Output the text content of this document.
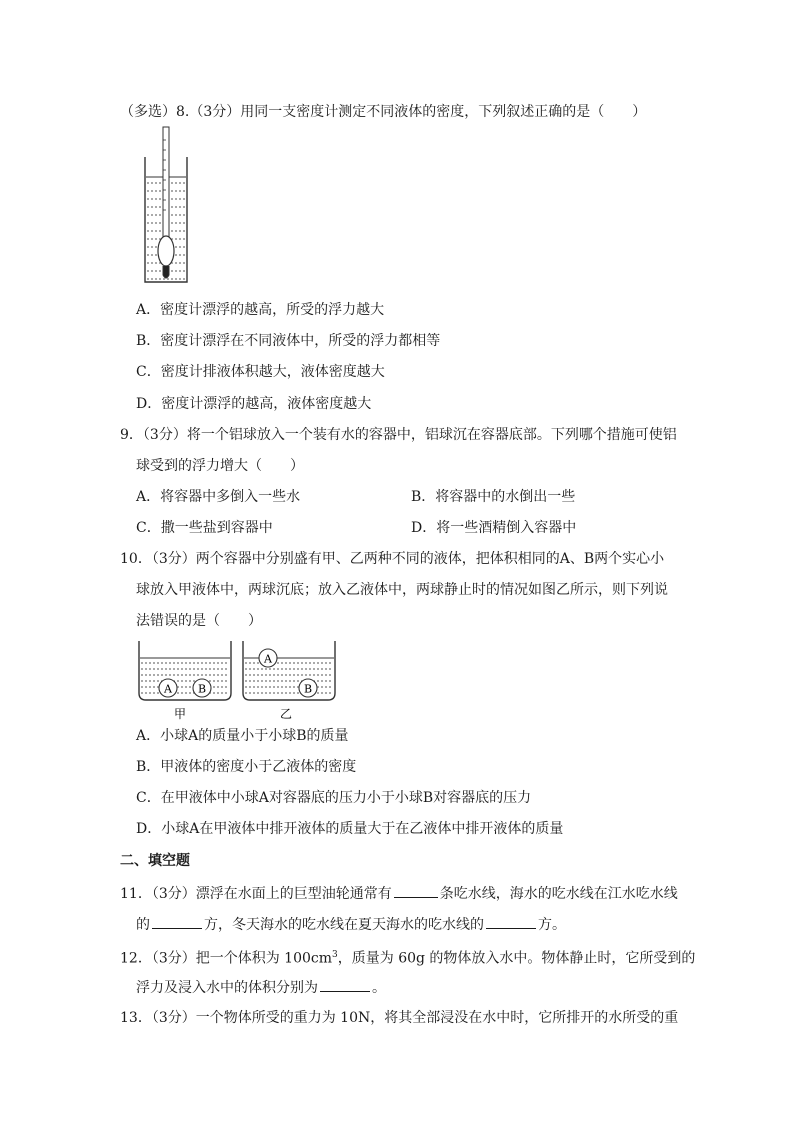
（多选）8.（3分）用同一支密度计测定不同液体的密度，下列叙述正确的是（　　）
A．密度计漂浮的越高，所受的浮力越大
B．密度计漂浮在不同液体中，所受的浮力都相等
C．密度计排液体积越大，液体密度越大
D．密度计漂浮的越高，液体密度越大
9．（3分）将一个铝球放入一个装有水的容器中，铝球沉在容器底部。下列哪个措施可使铝
球受到的浮力增大（　　）
A．将容器中多倒入一些水	B．将容器中的水倒出一些
C．撒一些盐到容器中	D．将一些酒精倒入容器中
10．（3分）两个容器中分别盛有甲、乙两种不同的液体，把体积相同的A、B两个实心小
球放入甲液体中，两球沉底；放入乙液体中，两球静止时的情况如图乙所示，则下列说
法错误的是（　　）
A B
甲
A
B
乙
A．小球A的质量小于小球B的质量
B．甲液体的密度小于乙液体的密度
C．在甲液体中小球A对容器底的压力小于小球B对容器底的压力
D．小球A在甲液体中排开液体的质量大于在乙液体中排开液体的质量
二、填空题
11．（3分）漂浮在水面上的巨型油轮通常有	条吃水线，海水的吃水线在江水吃水线
的	方，冬天海水的吃水线在夏天海水的吃水线的	方。
12．（3分）把一个体积为 $100cm^3$，质量为 60g 的物体放入水中。物体静止时，它所受到的
浮力及浸入水中的体积分别为	。
13．（3分）一个物体所受的重力为 10N，将其全部浸没在水中时，它所排开的水所受的重
